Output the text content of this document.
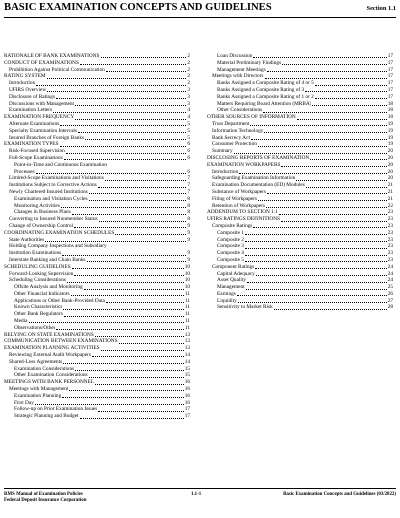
BASIC EXAMINATION CONCEPTS AND GUIDELINES	Section 1.1
RATIONALE OF BANK EXAMINATIONS	2
CONDUCT OF EXAMINATIONS	2
Prohibition Against Political Communication	2
RATING SYSTEM	2
Introduction	2
UFIRS Overview	3
Disclosure of Ratings	3
Discussions with Management	3
Examination Letters	4
EXAMINATION FREQUENCY	4
Alternate Examinations	5
Specialty Examination Intervals	5
Insured Branches of Foreign Banks	5
EXAMINATION TYPES	6
Risk-Focused Supervision	6
Full-Scope Examinations	6
Point-in-Time and Continuous Examination
Processes	6
Limited-Scope Examinations and Visitations	7
Institutions Subject to Corrective Actions	7
Newly Chartered Insured Institutions	7
Examination and Visitation Cycles	8
Monitoring Activities	8
Changes in Business Plans	8
Converting to Insured Nonmember Status	8
Change of Ownership Control	9
COORDINATING EXAMINATION SCHEDULES	9
State Authorities	9
Holding Company Inspections and Subsidiary
Institution Examinations	9
Interstate Banking and Chain Banks	9
SCHEDULING GUIDELINES	10
Forward-Looking Supervision	10
Scheduling Considerations	10
Offsite Analysis and Monitoring	10
Other Financial Indicators	11
Applications or Other Bank-Provided Data	11
Known Characteristics	11
Other Bank Regulators	11
Media	11
Observations/Other	11
RELYING ON STATE EXAMINATIONS	13
COMMUNICATION BETWEEN EXAMINATIONS	13
EXAMINATION PLANNING ACTIVITIES	13
Reviewing External Audit Workpapers	14
Shared-Loss Agreements	14
Examination Considerations	15
Other Examination Considerations	15
MEETINGS WITH BANK PERSONNEL	16
Meetings with Management	16
Examination Planning	16
First Day	16
Follow-up on Prior Examination Issues	17
Strategic Planning and Budget	17
Loan Discussion	17
Material Preliminary Findings	17
Management Meetings	17
Meetings with Directors	17
Banks Assigned a Composite Rating of 4 or 5	17
Banks Assigned a Composite Rating of 3	17
Banks Assigned a Composite Rating of 1 or 2	17
Matters Requiring Board Attention (MRBA)	18
Other Considerations	18
OTHER SOURCES OF INFORMATION	18
Trust Department	19
Information Technology	19
Bank Secrecy Act	19
Consumer Protection	19
Summary	20
DISCLOSING REPORTS OF EXAMINATION	20
EXAMINATION WORKPAPERS	20
Introduction	20
Safeguarding Examination Information	20
Examination Documentation (ED) Modules	21
Substance of Workpapers	21
Filing of Workpapers	21
Retention of Workpapers	22
ADDENDUM TO SECTION 1.1	23
UFIRS RATINGS DEFINITIONS	23
Composite Ratings	23
Composite 1	23
Composite 2	23
Composite 3	23
Composite 4	23
Composite 5	23
Component Ratings	24
Capital Adequacy	24
Asset Quality	24
Management	25
Earnings	26
Liquidity	27
Sensitivity to Market Risk	28
RMS Manual of Examination Policies
Federal Deposit Insurance Corporation
1.1-1	Basic Examination Concepts and Guidelines (03/2022)
